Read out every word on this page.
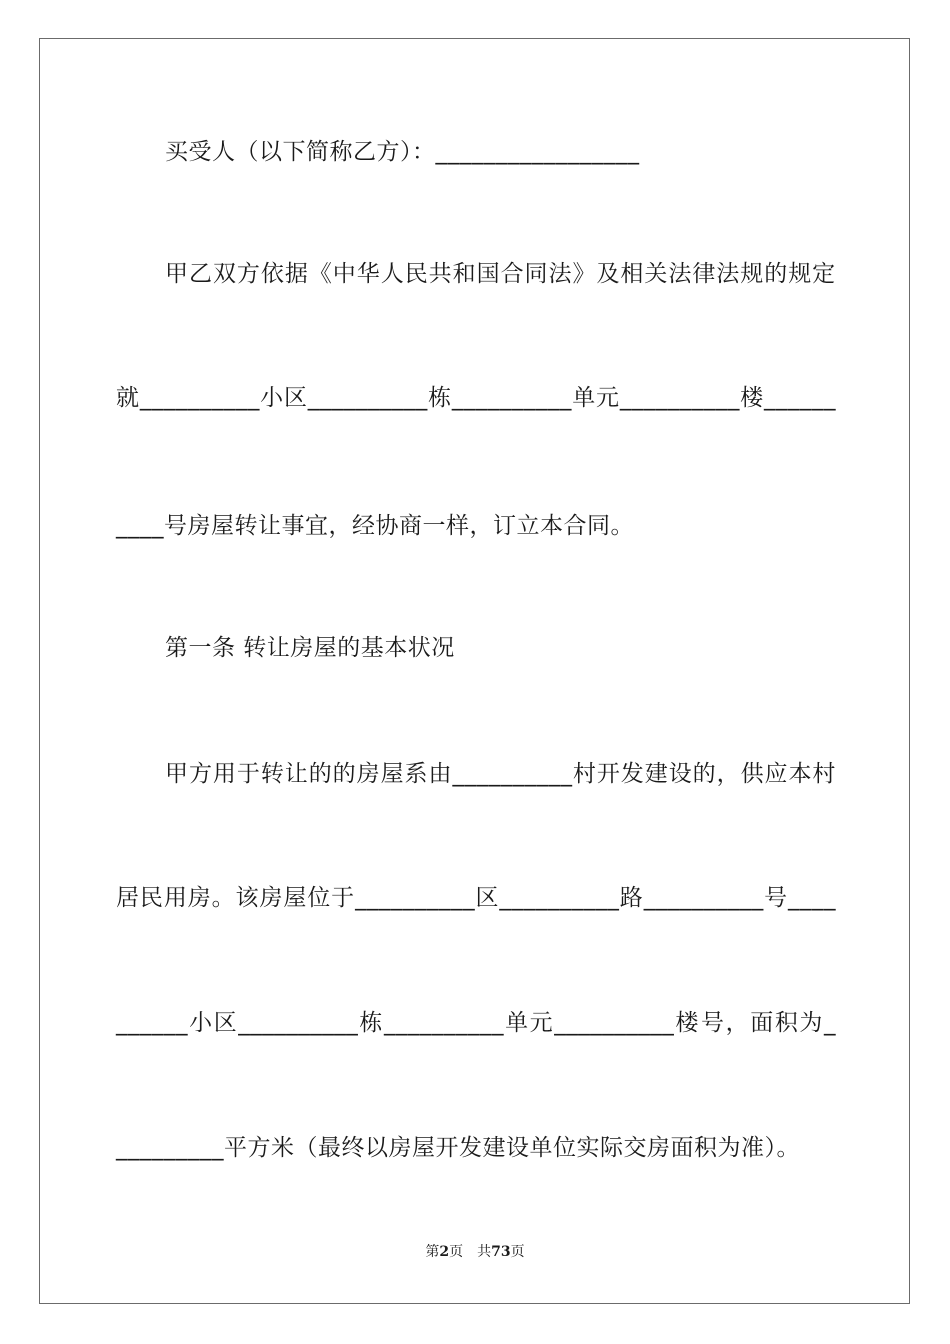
买受人（以下简称乙方）：_________________
甲 乙 双 方 依 据 《 中 华 人 民 共 和 国 合 同 法 》 及 相 关 法 律 法 规 的 规 定
就 __________ 小 区 __________ 栋 __________ 单 元 __________ 楼 ______
____号房屋转让事宜，经协商一样，订立本合同。
第一条 转让房屋的基本状况
甲 方 用 于 转 让 的 的 房 屋 系 由 __________ 村 开 发 建 设 的 ， 供 应 本 村
居 民 用 房 。 该 房 屋 位 于 __________ 区 __________ 路 __________ 号 ____
______ 小 区 __________ 栋 __________ 单 元 __________ 楼 号 ， 面 积 为 _
_________平方米（最终以房屋开发建设单位实际交房面积为准）。
第2页 共73页
